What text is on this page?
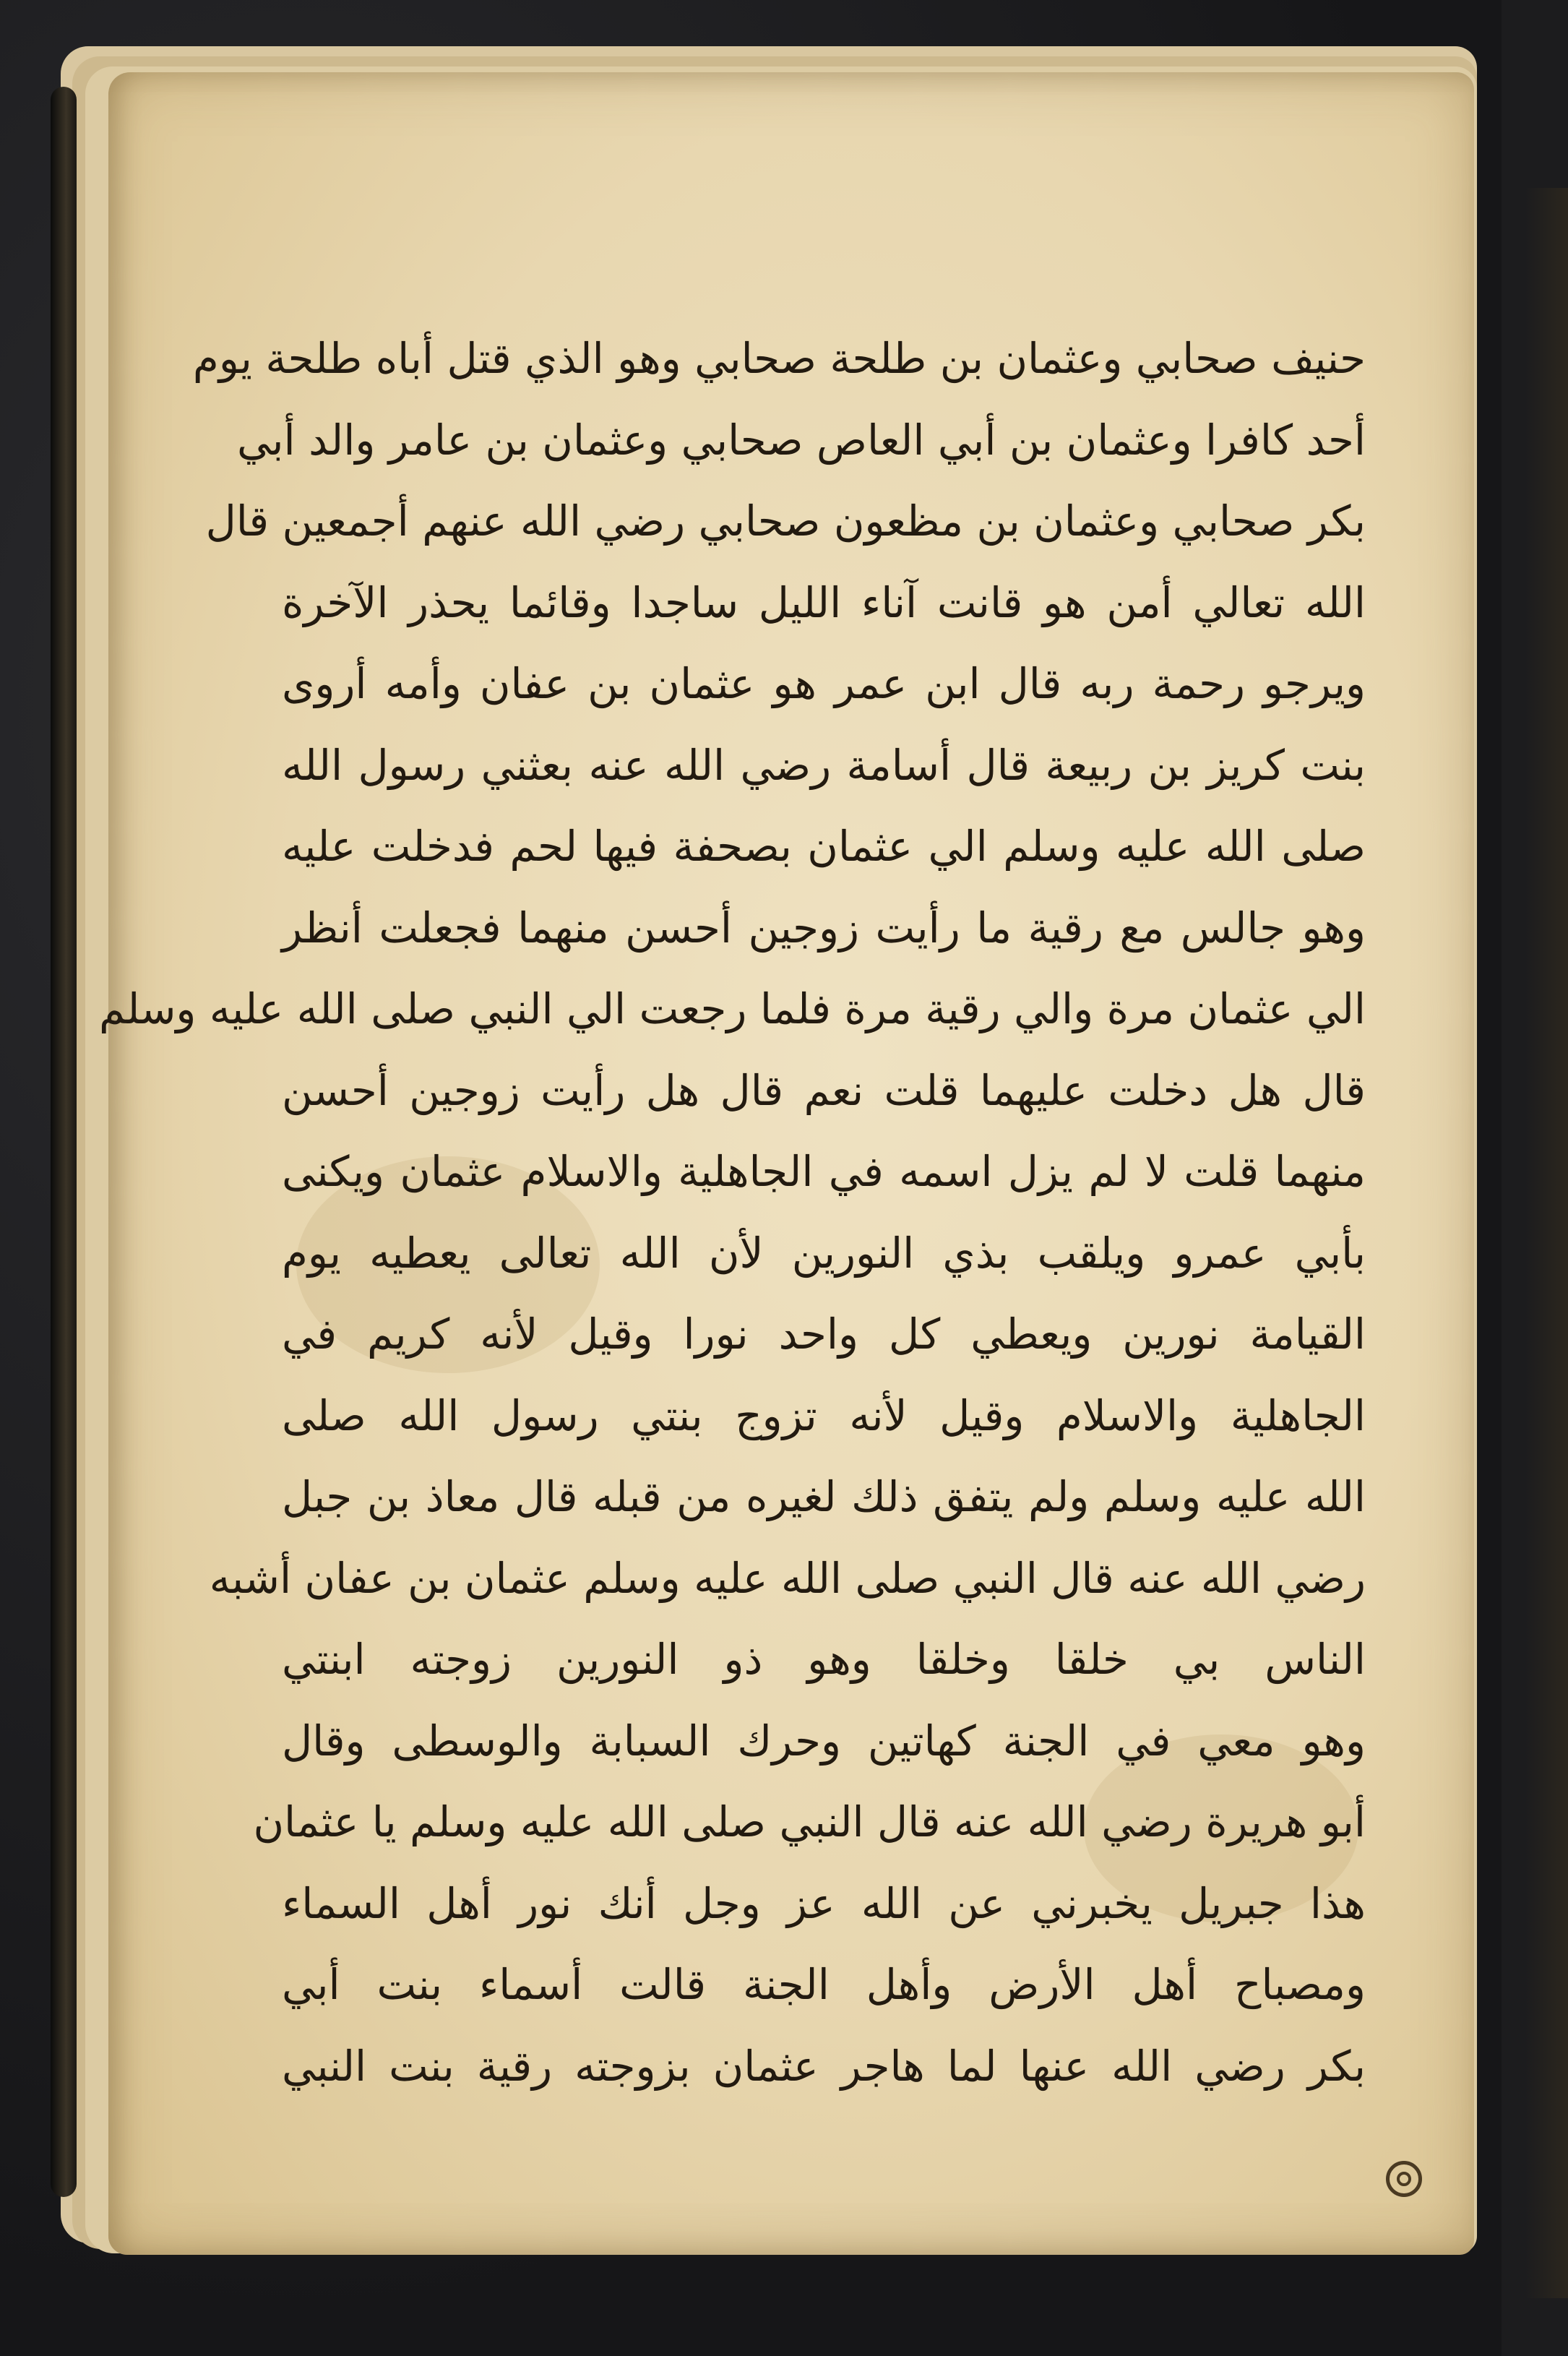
حنيف صحابي وعثمان بن طلحة صحابي وهو الذي قتل أباه طلحة يوم
أحد كافرا وعثمان بن أبي العاص صحابي وعثمان بن عامر والد أبي
بكر صحابي وعثمان بن مظعون صحابي رضي الله عنهم أجمعين قال
الله تعالي أمن هو قانت آناء الليل ساجدا وقائما يحذر الآخرة
ويرجو رحمة ربه قال ابن عمر هو عثمان بن عفان وأمه أروى
بنت كريز بن ربيعة قال أسامة رضي الله عنه بعثني رسول الله
صلى الله عليه وسلم الي عثمان بصحفة فيها لحم فدخلت عليه
وهو جالس مع رقية ما رأيت زوجين أحسن منهما فجعلت أنظر
الي عثمان مرة والي رقية مرة فلما رجعت الي النبي صلى الله عليه وسلم
قال هل دخلت عليهما قلت نعم قال هل رأيت زوجين أحسن
منهما قلت لا لم يزل اسمه في الجاهلية والاسلام عثمان ويكنى
بأبي عمرو ويلقب بذي النورين لأن الله تعالى يعطيه يوم
القيامة نورين ويعطي كل واحد نورا وقيل لأنه كريم في
الجاهلية والاسلام وقيل لأنه تزوج بنتي رسول الله صلى
الله عليه وسلم ولم يتفق ذلك لغيره من قبله قال معاذ بن جبل
رضي الله عنه قال النبي صلى الله عليه وسلم عثمان بن عفان أشبه
الناس بي خلقا وخلقا وهو ذو النورين زوجته ابنتي
وهو معي في الجنة كهاتين وحرك السبابة والوسطى وقال
أبو هريرة رضي الله عنه قال النبي صلى الله عليه وسلم يا عثمان
هذا جبريل يخبرني عن الله عز وجل أنك نور أهل السماء
ومصباح أهل الأرض وأهل الجنة قالت أسماء بنت أبي
بكر رضي الله عنها لما هاجر عثمان بزوجته رقية بنت النبي
